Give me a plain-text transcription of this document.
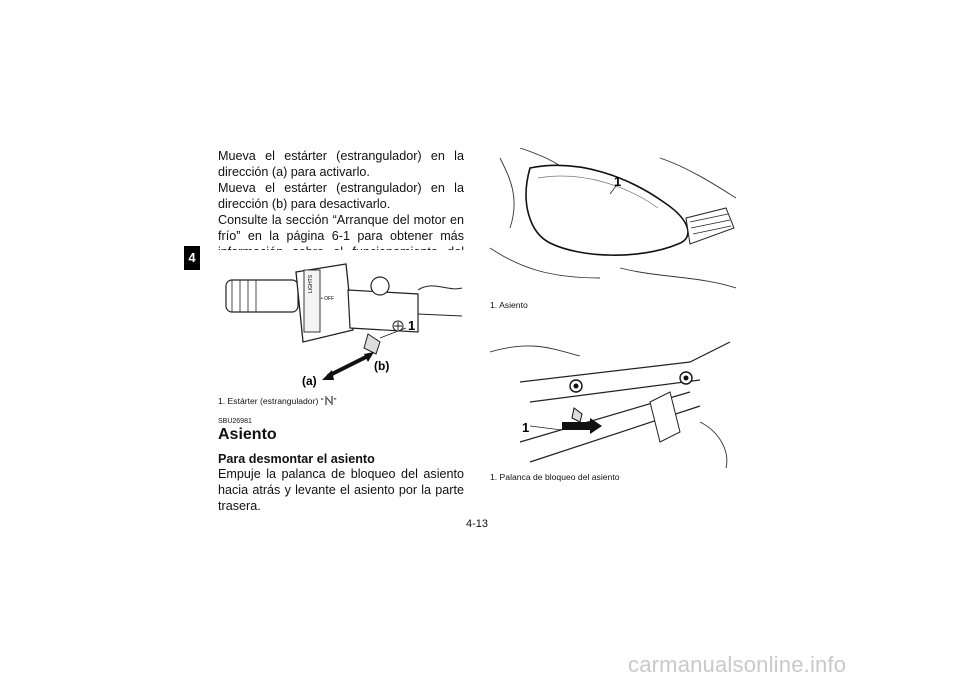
4

Mueva el estárter (estrangulador) en la dirección (a) para activarlo.

Mueva el estárter (estrangulador) en la dirección (b) para desactivarlo.

Consulte la sección “Arranque del motor en frío” en la página 6-1 para obtener más

LIGHTS
• OFF
1
(a)
(b)
1. Estárter (estrangulador) “ ”
SBU26981
Asiento
Para desmontar el asiento
Empuje la palanca de bloqueo del asiento hacia atrás y levante el asiento por la parte trasera.
1
1. Asiento
1
1. Palanca de bloqueo del asiento
4-13
carmanualsonline.info
